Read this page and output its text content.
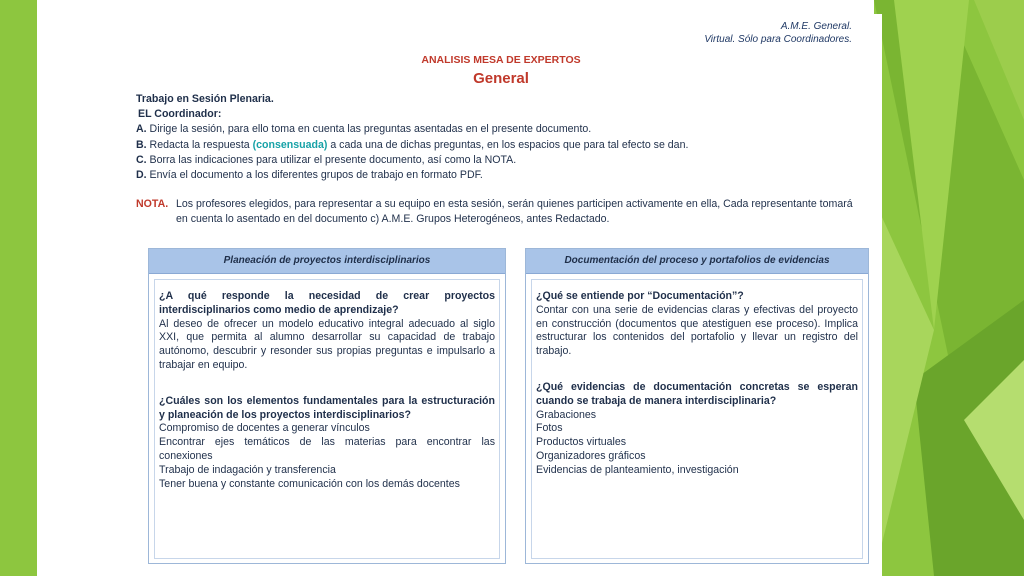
A.M.E. General.
Virtual. Sólo para Coordinadores.
ANALISIS MESA DE EXPERTOS
General
Trabajo en Sesión Plenaria.
EL Coordinador:
A. Dirige la sesión, para ello toma en cuenta las preguntas asentadas en el presente documento.
B. Redacta la respuesta (consensuada) a cada una de dichas preguntas, en los espacios que para tal efecto se dan.
C. Borra las indicaciones para utilizar el presente documento, así como la NOTA.
D. Envía el documento a los diferentes grupos de trabajo en formato PDF.
NOTA. Los profesores elegidos, para representar a su equipo en esta sesión, serán quienes participen activamente en ella, Cada representante tomará en cuenta lo asentado en del documento c) A.M.E. Grupos Heterogéneos, antes Redactado.
Planeación de proyectos interdisciplinarios
¿A qué responde la necesidad de crear proyectos interdisciplinarios como medio de aprendizaje?
Al deseo de ofrecer un modelo educativo integral adecuado al siglo XXI, que permita al alumno desarrollar su capacidad de trabajo autónomo, descubrir y resonder sus propias preguntas e impulsarlo a trabajar en equipo.
¿Cuáles son los elementos fundamentales para la estructuración y planeación de los proyectos interdisciplinarios?
Compromiso de docentes a generar vínculos
Encontrar ejes temáticos de las materias para encontrar las conexiones
Trabajo de indagación y transferencia
Tener buena y constante comunicación con los demás docentes
Documentación del proceso y portafolios de evidencias
¿Qué se entiende por “Documentación”?
Contar con una serie de evidencias claras y efectivas del proyecto en construcción (documentos que atestiguen ese proceso). Implica estructurar los contenidos del portafolio y llevar un registro del trabajo.
¿Qué evidencias de documentación concretas se esperan cuando se trabaja de manera interdisciplinaria?
Grabaciones
Fotos
Productos virtuales
Organizadores gráficos
Evidencias de planteamiento, investigación
